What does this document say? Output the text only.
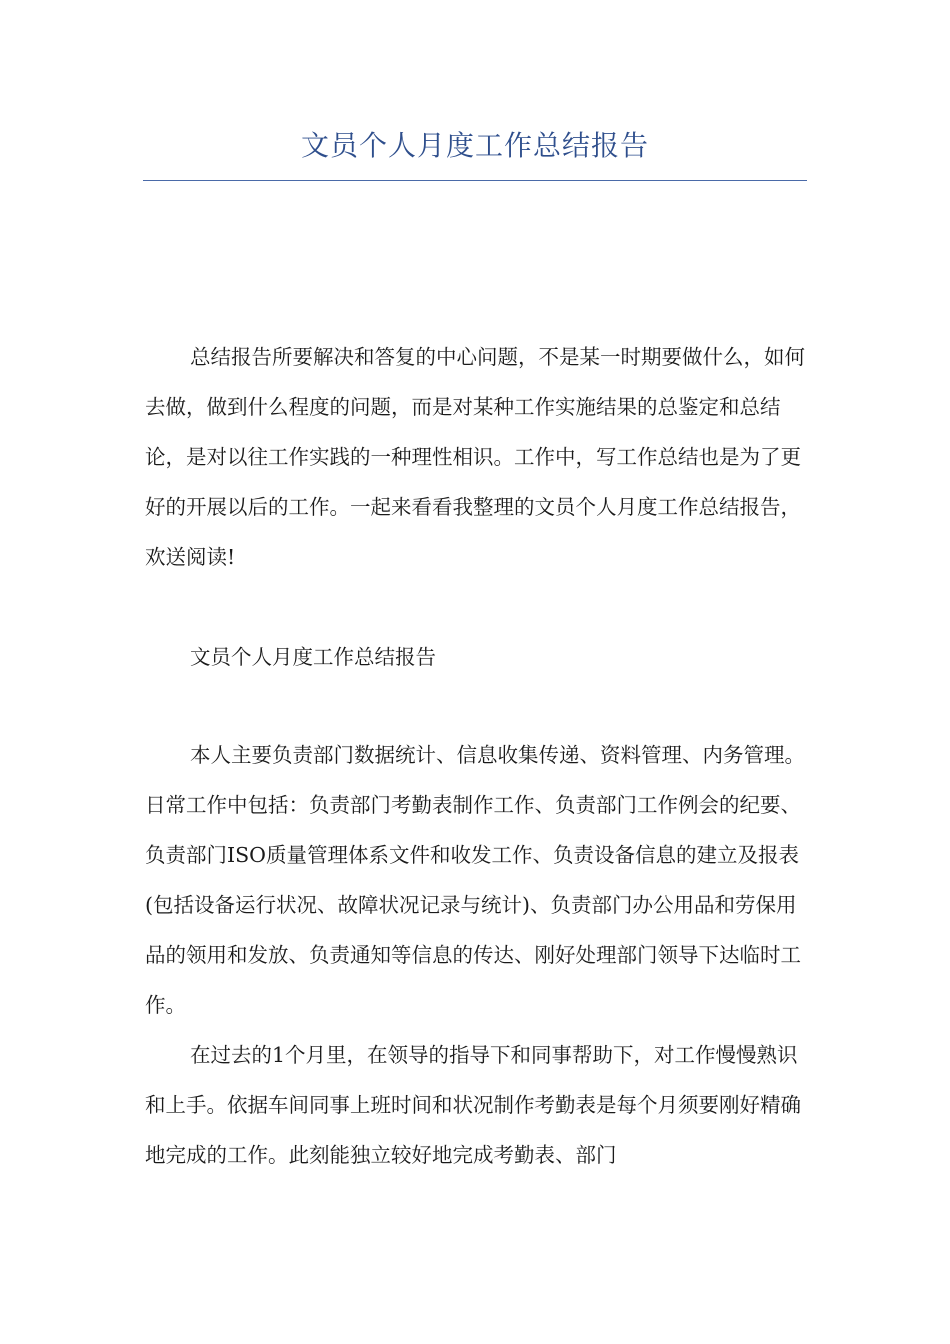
文员个人月度工作总结报告

总结报告所要解决和答复的中心问题，不是某一时期要做什么，如何去做，做到什么程度的问题，而是对某种工作实施结果的总鉴定和总结论，是对以往工作实践的一种理性相识。工作中，写工作总结也是为了更好的开展以后的工作。一起来看看我整理的文员个人月度工作总结报告，欢送阅读!

文员个人月度工作总结报告

本人主要负责部门数据统计、信息收集传递、资料管理、内务管理。日常工作中包括：负责部门考勤表制作工作、负责部门工作例会的纪要、负责部门ISO质量管理体系文件和收发工作、负责设备信息的建立及报表(包括设备运行状况、故障状况记录与统计)、负责部门办公用品和劳保用品的领用和发放、负责通知等信息的传达、刚好处理部门领导下达临时工作。

在过去的1个月里，在领导的指导下和同事帮助下，对工作慢慢熟识和上手。依据车间同事上班时间和状况制作考勤表是每个月须要刚好精确地完成的工作。此刻能独立较好地完成考勤表、部门
